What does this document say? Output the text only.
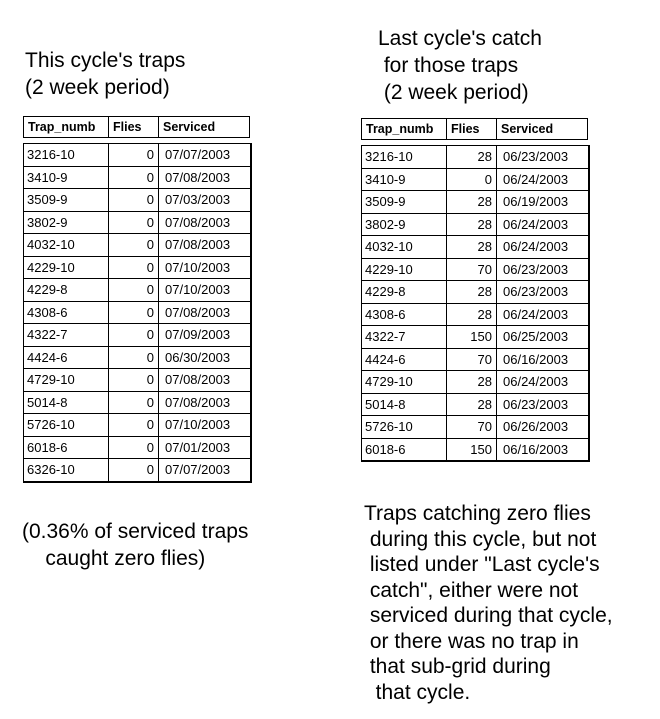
This cycle's traps
(2 week period)
Last cycle's catch
for those traps
(2 week period)
Trap_numb	Flies	Serviced
3216-10	0 07/07/2003
3410-9	0 07/08/2003
3509-9	0 07/03/2003
3802-9	0 07/08/2003
4032-10	0 07/08/2003
4229-10	0 07/10/2003
4229-8	0 07/10/2003
4308-6	0 07/08/2003
4322-7	0 07/09/2003
4424-6	0 06/30/2003
4729-10	0 07/08/2003
5014-8	0 07/08/2003
5726-10	0 07/10/2003
6018-6	0 07/01/2003
6326-10	0 07/07/2003
Trap_numb	Flies	Serviced
3216-10	28 06/23/2003
3410-9	0 06/24/2003
3509-9	28 06/19/2003
3802-9	28 06/24/2003
4032-10	28 06/24/2003
4229-10	70 06/23/2003
4229-8	28 06/23/2003
4308-6	28 06/24/2003
4322-7	150 06/25/2003
4424-6	70 06/16/2003
4729-10	28 06/24/2003
5014-8	28 06/23/2003
5726-10	70 06/26/2003
6018-6	150 06/16/2003
(0.36% of serviced traps
caught zero flies)
Traps catching zero flies
during this cycle, but not
listed under "Last cycle's
catch", either were not
serviced during that cycle,
or there was no trap in
that sub-grid during
that cycle.
